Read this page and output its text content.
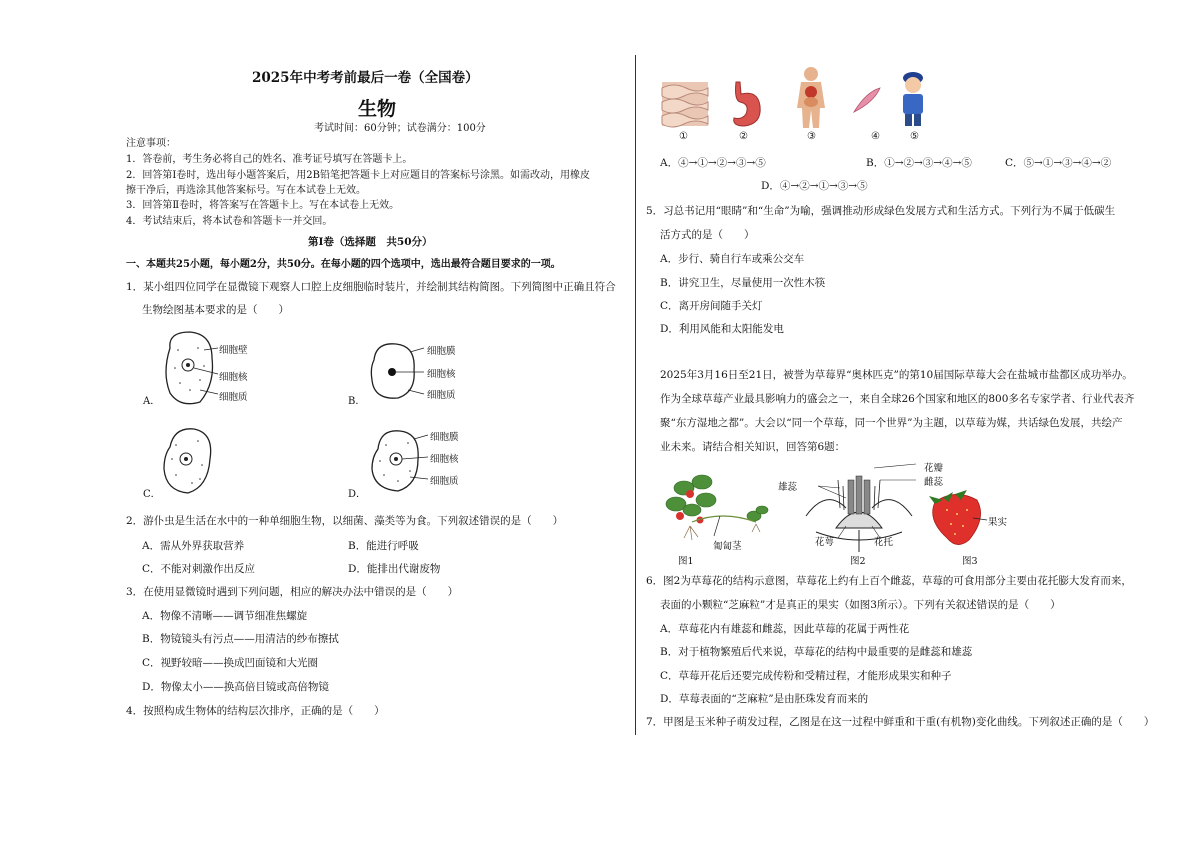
2025年中考考前最后一卷（全国卷）
生物
考试时间：60分钟；试卷满分：100分
注意事项：
1．答卷前，考生务必将自己的姓名、准考证号填写在答题卡上。
2．回答第Ⅰ卷时，选出每小题答案后，用2B铅笔把答题卡上对应题目的答案标号涂黑。如需改动，用橡皮
擦干净后，再选涂其他答案标号。写在本试卷上无效。
3．回答第Ⅱ卷时，将答案写在答题卡上。写在本试卷上无效。
4．考试结束后，将本试卷和答题卡一并交回。
第Ⅰ卷（选择题　共50分）
一、本题共25小题，每小题2分，共50分。在每小题的四个选项中，选出最符合题目要求的一项。
1．某小组四位同学在显微镜下观察人口腔上皮细胞临时装片，并绘制其结构简图。下列简图中正确且符合
生物绘图基本要求的是（　　）
A．
细胞壁
细胞核
细胞质	B．
细胞膜
细胞核
细胞质
C．	D．
细胞膜
细胞核
细胞质
2．游仆虫是生活在水中的一种单细胞生物，以细菌、藻类等为食。下列叙述错误的是（　　）
A．需从外界获取营养	B．能进行呼吸
C．不能对刺激作出反应	D．能排出代谢废物
3．在使用显微镜时遇到下列问题，相应的解决办法中错误的是（　　）
A．物像不清晰——调节细准焦螺旋
B．物镜镜头有污点——用清洁的纱布擦拭
C．视野较暗——换成凹面镜和大光圈
D．物像太小——换高倍目镜或高倍物镜
4．按照构成生物体的结构层次排序，正确的是（　　）
①	②	③	④	⑤
A．④→①→②→③→⑤	B．①→②→③→④→⑤	C．⑤→①→③→④→②
D．④→②→①→③→⑤
5．习总书记用“眼睛”和“生命”为喻，强调推动形成绿色发展方式和生活方式。下列行为不属于低碳生
活方式的是（　　）
A．步行、骑自行车或乘公交车
B．讲究卫生，尽量使用一次性木筷
C．离开房间随手关灯
D．利用风能和太阳能发电
2025年3月16日至21日，被誉为草莓界“奥林匹克”的第10届国际草莓大会在盐城市盐都区成功举办。
作为全球草莓产业最具影响力的盛会之一，来自全球26个国家和地区的800多名专家学者、行业代表齐
聚“东方湿地之都”。大会以“同一个草莓，同一个世界”为主题，以草莓为媒，共话绿色发展，共绘产
业未来。请结合相关知识，回答第6题：
匍匐茎
图1
花瓣
雄蕊	雌蕊
花萼	花托
图2
果实
图3
6．图2为草莓花的结构示意图，草莓花上约有上百个雌蕊，草莓的可食用部分主要由花托膨大发育而来，
表面的小颗粒“芝麻粒”才是真正的果实（如图3所示）。下列有关叙述错误的是（　　）
A．草莓花内有雄蕊和雌蕊，因此草莓的花属于两性花
B．对于植物繁殖后代来说，草莓花的结构中最重要的是雌蕊和雄蕊
C．草莓开花后还要完成传粉和受精过程，才能形成果实和种子
D．草莓表面的“芝麻粒”是由胚珠发育而来的
7．甲图是玉米种子萌发过程，乙图是在这一过程中鲜重和干重(有机物)变化曲线。下列叙述正确的是（　　）
